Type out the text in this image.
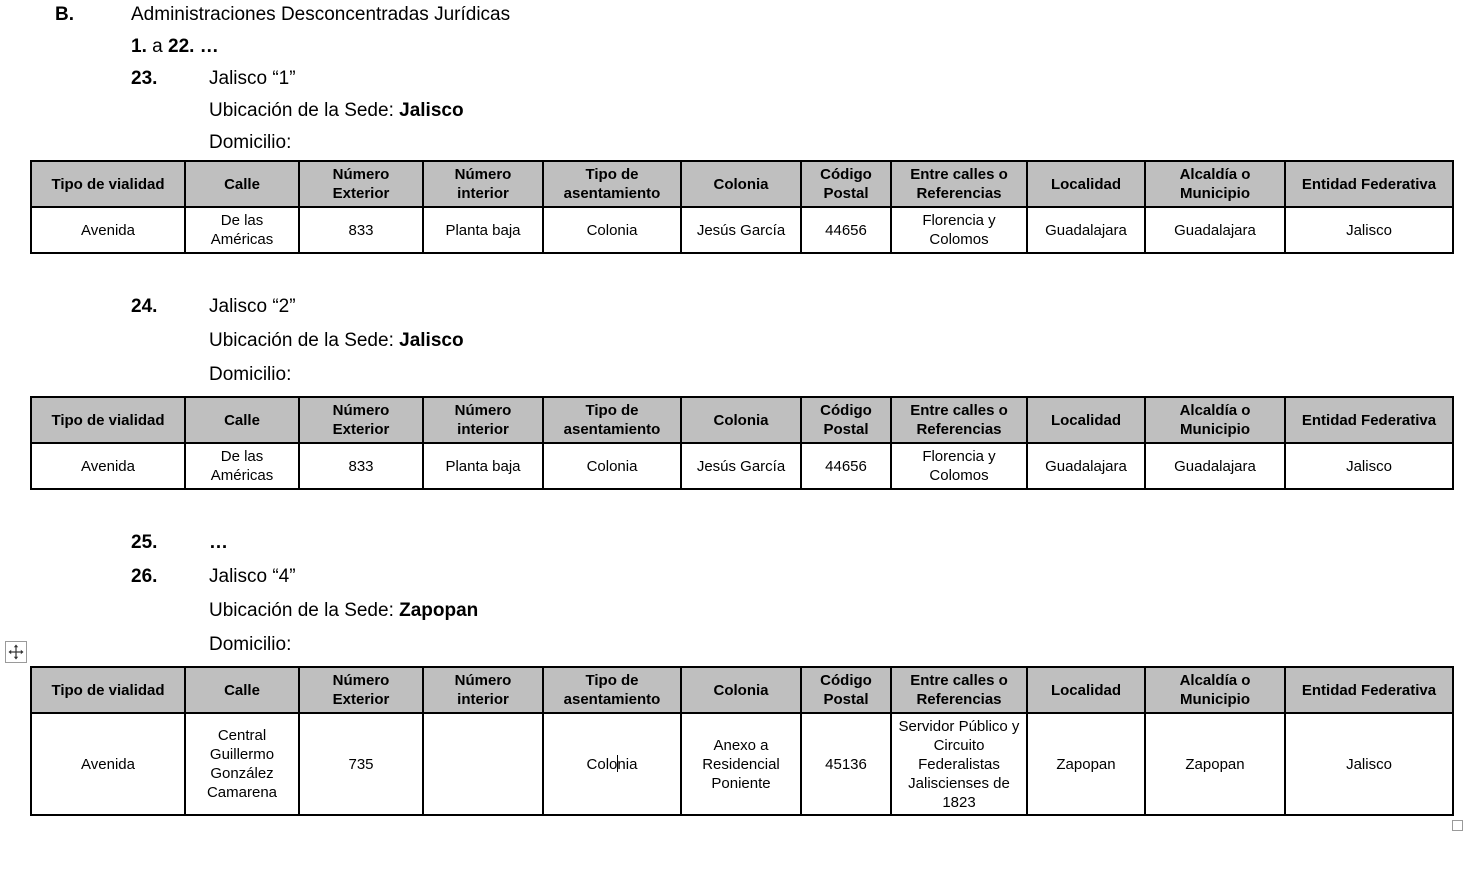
B.	Administraciones Desconcentradas Jurídicas
1. a 22. …
23.	Jalisco “1”
Ubicación de la Sede: Jalisco
Domicilio:
Tipo de vialidad	Calle	Número Exterior	Número interior	Tipo de asentamiento	Colonia	Código Postal	Entre calles o Referencias	Localidad	Alcaldía o Municipio	Entidad Federativa
Avenida	De las Américas	833	Planta baja	Colonia	Jesús García	44656	Florencia y Colomos	Guadalajara	Guadalajara	Jalisco
24.	Jalisco “2”
Ubicación de la Sede: Jalisco
Domicilio:
Tipo de vialidad	Calle	Número Exterior	Número interior	Tipo de asentamiento	Colonia	Código Postal	Entre calles o Referencias	Localidad	Alcaldía o Municipio	Entidad Federativa
Avenida	De las Américas	833	Planta baja	Colonia	Jesús García	44656	Florencia y Colomos	Guadalajara	Guadalajara	Jalisco
25.	…
26.	Jalisco “4”
Ubicación de la Sede: Zapopan
Domicilio:
Tipo de vialidad	Calle	Número Exterior	Número interior	Tipo de asentamiento	Colonia	Código Postal	Entre calles o Referencias	Localidad	Alcaldía o Municipio	Entidad Federativa
Avenida	Central Guillermo González Camarena	735		Colonia	Anexo a Residencial Poniente	45136	Servidor Público y Circuito Federalistas Jaliscienses de 1823	Zapopan	Zapopan	Jalisco
